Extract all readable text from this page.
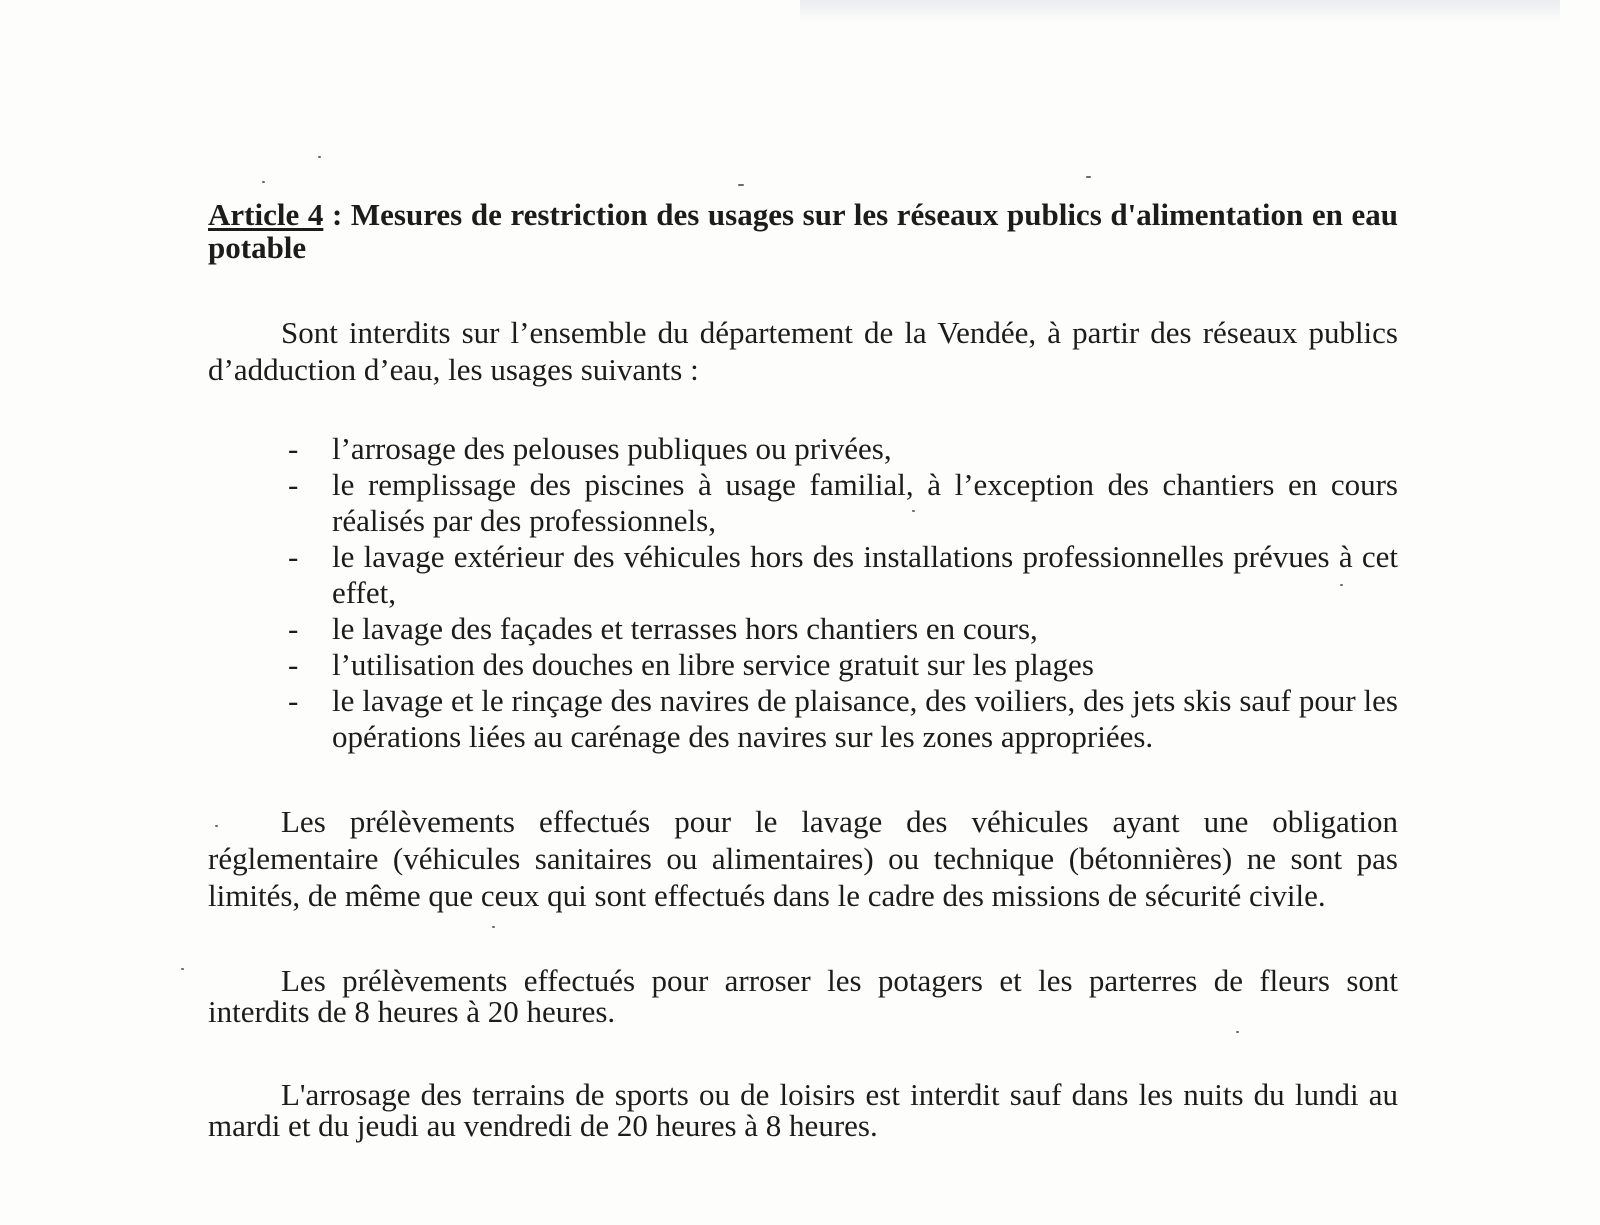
Article 4 : Mesures de restriction des usages sur les réseaux publics d'alimentation en eau potable

Sont interdits sur l’ensemble du département de la Vendée, à partir des réseaux publics d’adduction d’eau, les usages suivants :

- l’arrosage des pelouses publiques ou privées,
- le remplissage des piscines à usage familial, à l’exception des chantiers en cours réalisés par des professionnels,
- le lavage extérieur des véhicules hors des installations professionnelles prévues à cet effet,
- le lavage des façades et terrasses hors chantiers en cours,
- l’utilisation des douches en libre service gratuit sur les plages
- le lavage et le rinçage des navires de plaisance, des voiliers, des jets skis sauf pour les opérations liées au carénage des navires sur les zones appropriées.

Les prélèvements effectués pour le lavage des véhicules ayant une obligation réglementaire (véhicules sanitaires ou alimentaires) ou technique (bétonnières) ne sont pas limités, de même que ceux qui sont effectués dans le cadre des missions de sécurité civile.

Les prélèvements effectués pour arroser les potagers et les parterres de fleurs sont interdits de 8 heures à 20 heures.

L'arrosage des terrains de sports ou de loisirs est interdit sauf dans les nuits du lundi au mardi et du jeudi au vendredi de 20 heures à 8 heures.
